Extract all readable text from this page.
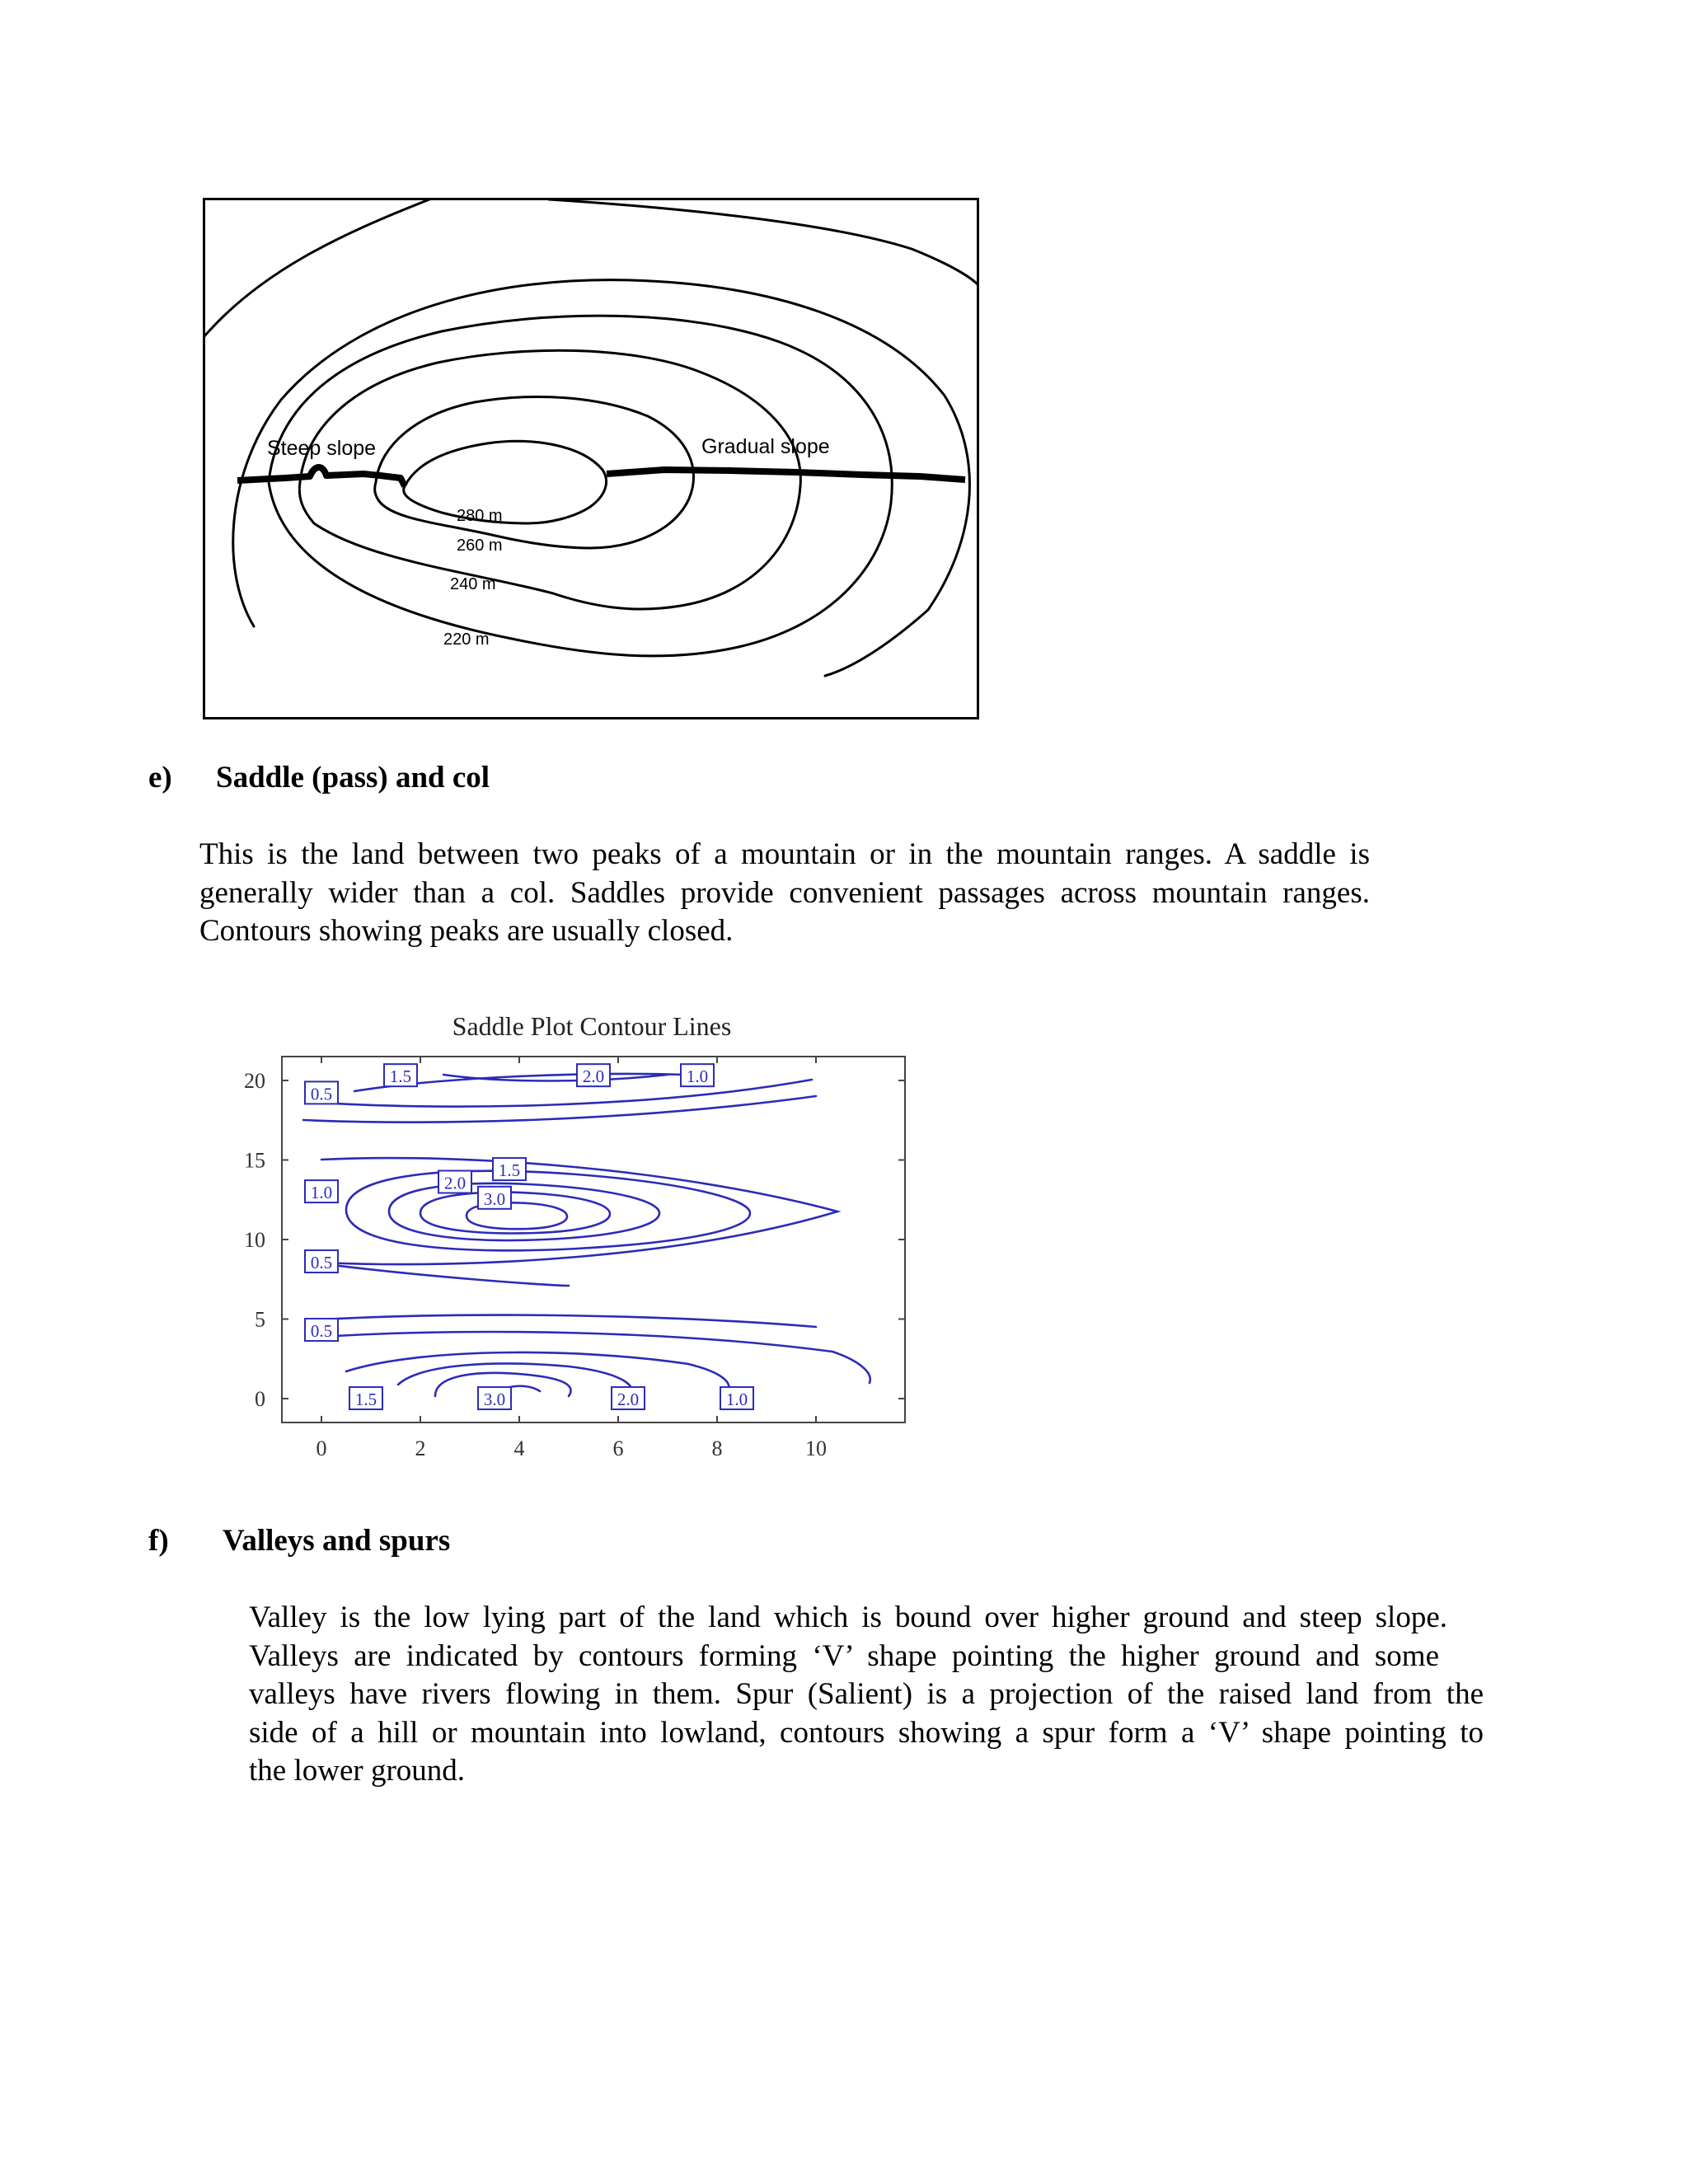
Steep slope	Gradual slope
280 m
260 m
240 m
220 m
e) Saddle (pass) and col
This is the land between two peaks of a mountain or in the mountain ranges. A saddle is
generally wider than a col. Saddles provide convenient passages across mountain ranges.
Contours showing peaks are usually closed.
Saddle Plot Contour Lines
0	2	4	6	8	10
0
5
10
15
20
0.5
1.5	2.0	1.0
1.0
1.5
2.0
3.0
0.5
0.5
1.5	3.0	2.0	1.0
f) Valleys and spurs
Valley is the low lying part of the land which is bound over higher ground and steep slope.
Valleys are indicated by contours forming ‘V’ shape pointing the higher ground and some
valleys have rivers flowing in them. Spur (Salient) is a projection of the raised land from the
side of a hill or mountain into lowland, contours showing a spur form a ‘V’ shape pointing to
the lower ground.
